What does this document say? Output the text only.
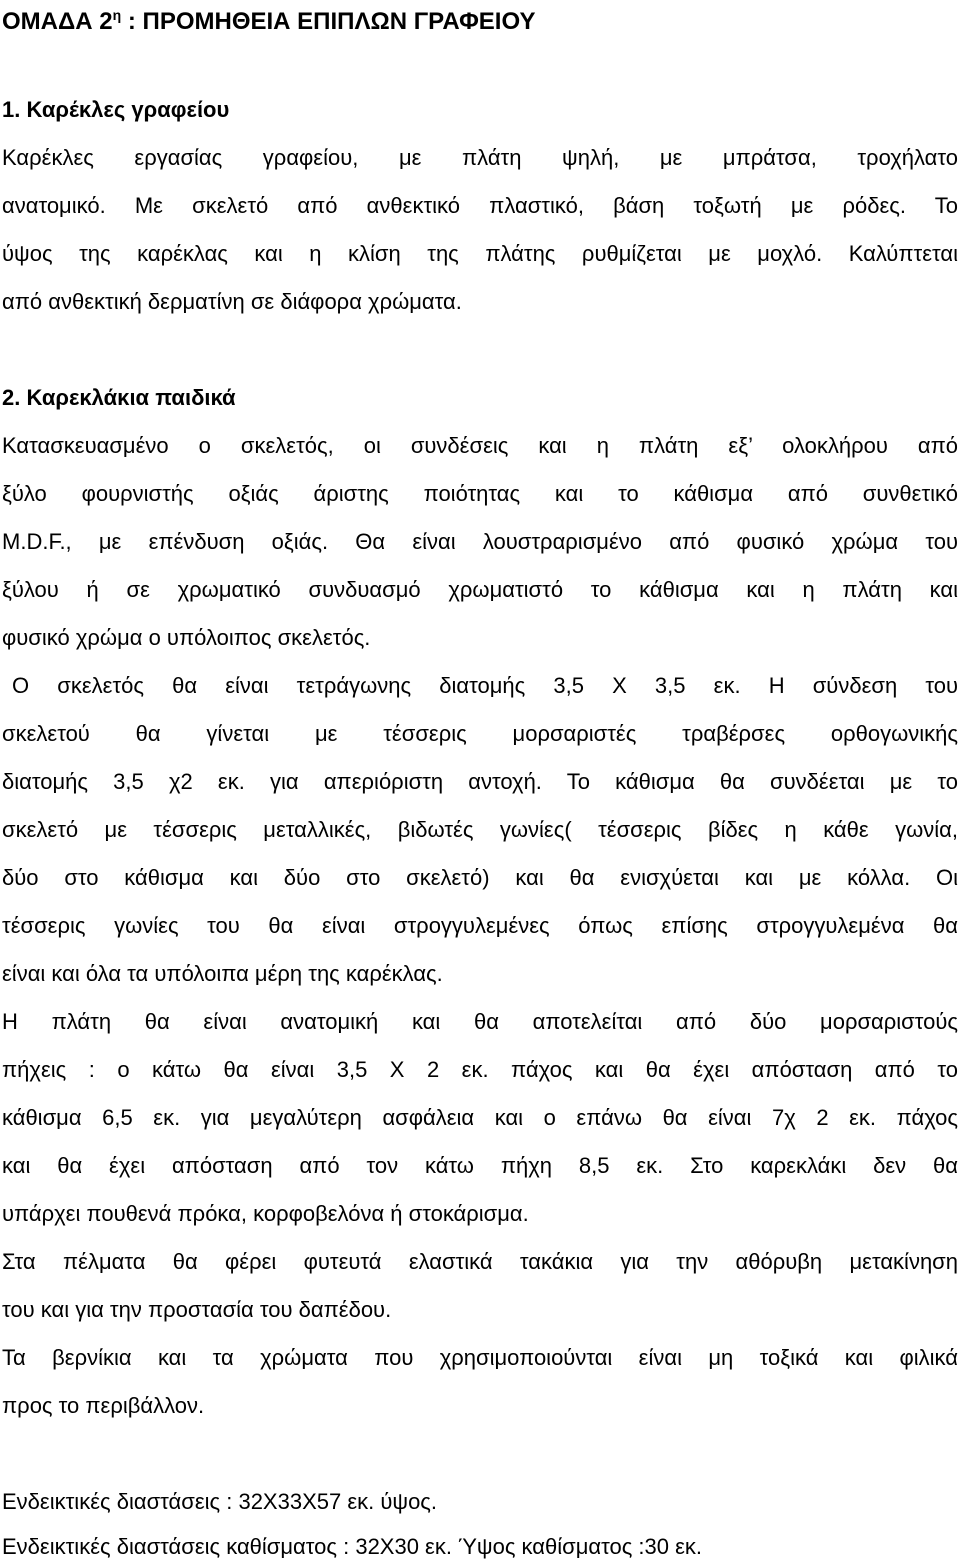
ΟΜΑΔΑ $2^\eta$ : ΠΡΟΜΗΘΕΙΑ ΕΠΙΠΛΩΝ ΓΡΑΦΕΙΟΥ
1. Καρέκλες γραφείου
Καρέκλες εργασίας γραφείου, με πλάτη ψηλή, με μπράτσα, τροχήλατο
ανατομικό. Με σκελετό από ανθεκτικό πλαστικό, βάση τοξωτή με ρόδες. Το
ύψος της καρέκλας και η κλίση της πλάτης ρυθμίζεται με μοχλό. Καλύπτεται
από ανθεκτική δερματίνη σε διάφορα χρώματα.
2. Καρεκλάκια παιδικά
Κατασκευασμένο ο σκελετός, οι συνδέσεις και η πλάτη εξ’ ολοκλήρου από
ξύλο φουρνιστής οξιάς άριστης ποιότητας και το κάθισμα από συνθετικό
M.D.F., με επένδυση οξιάς. Θα είναι λουστραρισμένο από φυσικό χρώμα του
ξύλου ή σε χρωματικό συνδυασμό χρωματιστό το κάθισμα και η πλάτη και
φυσικό χρώμα ο υπόλοιπος σκελετός.
Ο σκελετός θα είναι τετράγωνης διατομής 3,5 Χ 3,5 εκ. Η σύνδεση του
σκελετού θα γίνεται με τέσσερις μορσαριστές τραβέρσες ορθογωνικής
διατομής 3,5 χ2 εκ. για απεριόριστη αντοχή. Το κάθισμα θα συνδέεται με το
σκελετό με τέσσερις μεταλλικές, βιδωτές γωνίες( τέσσερις βίδες η κάθε γωνία,
δύο στο κάθισμα και δύο στο σκελετό) και θα ενισχύεται και με κόλλα. Οι
τέσσερις γωνίες του θα είναι στρογγυλεμένες όπως επίσης στρογγυλεμένα θα
είναι και όλα τα υπόλοιπα μέρη της καρέκλας.
Η πλάτη θα είναι ανατομική και θα αποτελείται από δύο μορσαριστούς
πήχεις : ο κάτω θα είναι 3,5 Χ 2 εκ. πάχος και θα έχει απόσταση από το
κάθισμα 6,5 εκ. για μεγαλύτερη ασφάλεια και ο επάνω θα είναι 7χ 2 εκ. πάχος
και θα έχει απόσταση από τον κάτω πήχη 8,5 εκ. Στο καρεκλάκι δεν θα
υπάρχει πουθενά πρόκα, κορφοβελόνα ή στοκάρισμα.
Στα πέλματα θα φέρει φυτευτά ελαστικά τακάκια για την αθόρυβη μετακίνηση
του και για την προστασία του δαπέδου.
Τα βερνίκια και τα χρώματα που χρησιμοποιούνται είναι μη τοξικά και φιλικά
προς το περιβάλλον.
Ενδεικτικές διαστάσεις : 32Χ33Χ57 εκ. ύψος.
Ενδεικτικές διαστάσεις καθίσματος : 32Χ30 εκ. Ύψος καθίσματος :30 εκ.
